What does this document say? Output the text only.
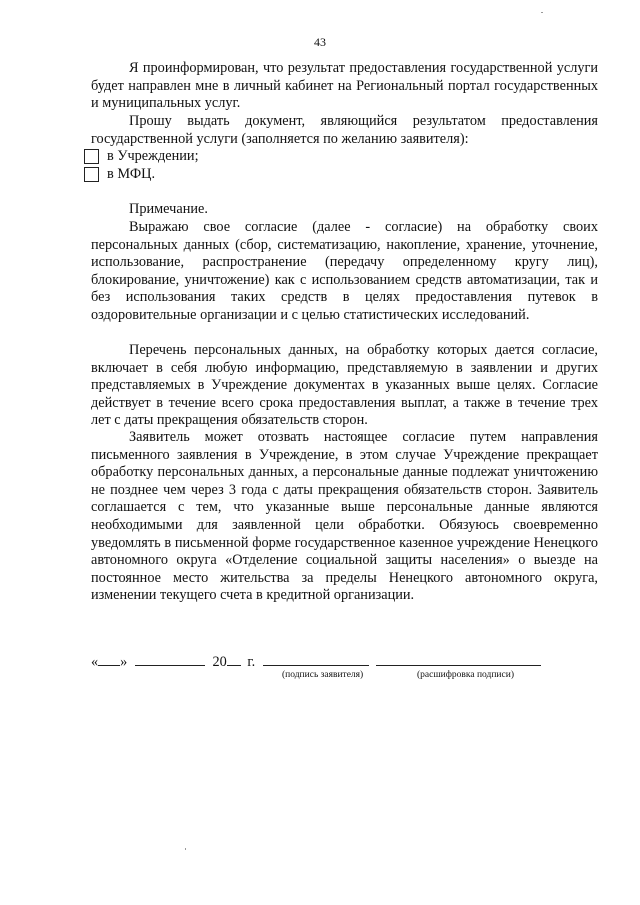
43
Я проинформирован, что результат предоставления государственной услуги будет направлен мне в личный кабинет на Региональный портал государственных и муниципальных услуг.
Прошу выдать документ, являющийся результатом предоставления государственной услуги (заполняется по желанию заявителя):
в Учреждении;
в МФЦ.
Примечание.
Выражаю свое согласие (далее - согласие) на обработку своих персональных данных (сбор, систематизацию, накопление, хранение, уточнение, использование, распространение (передачу определенному кругу лиц), блокирование, уничтожение) как с использованием средств автоматизации, так и без использования таких средств в целях предоставления путевок в оздоровительные организации и с целью статистических исследований.
Перечень персональных данных, на обработку которых дается согласие, включает в себя любую информацию, представляемую в заявлении и других представляемых в Учреждение документах в указанных выше целях. Согласие действует в течение всего срока предоставления выплат, а также в течение трех лет с даты прекращения обязательств сторон.
Заявитель может отозвать настоящее согласие путем направления письменного заявления в Учреждение, в этом случае Учреждение прекращает обработку персональных данных, а персональные данные подлежат уничтожению не позднее чем через 3 года с даты прекращения обязательств сторон. Заявитель соглашается с тем, что указанные выше персональные данные являются необходимыми для заявленной цели обработки. Обязуюсь своевременно уведомлять в письменной форме государственное казенное учреждение Ненецкого автономного округа «Отделение социальной защиты населения» о выезде на постоянное место жительства за пределы Ненецкого автономного округа, изменении текущего счета в кредитной организации.
« »	20 г.
(подпись заявителя)	(расшифровка подписи)
